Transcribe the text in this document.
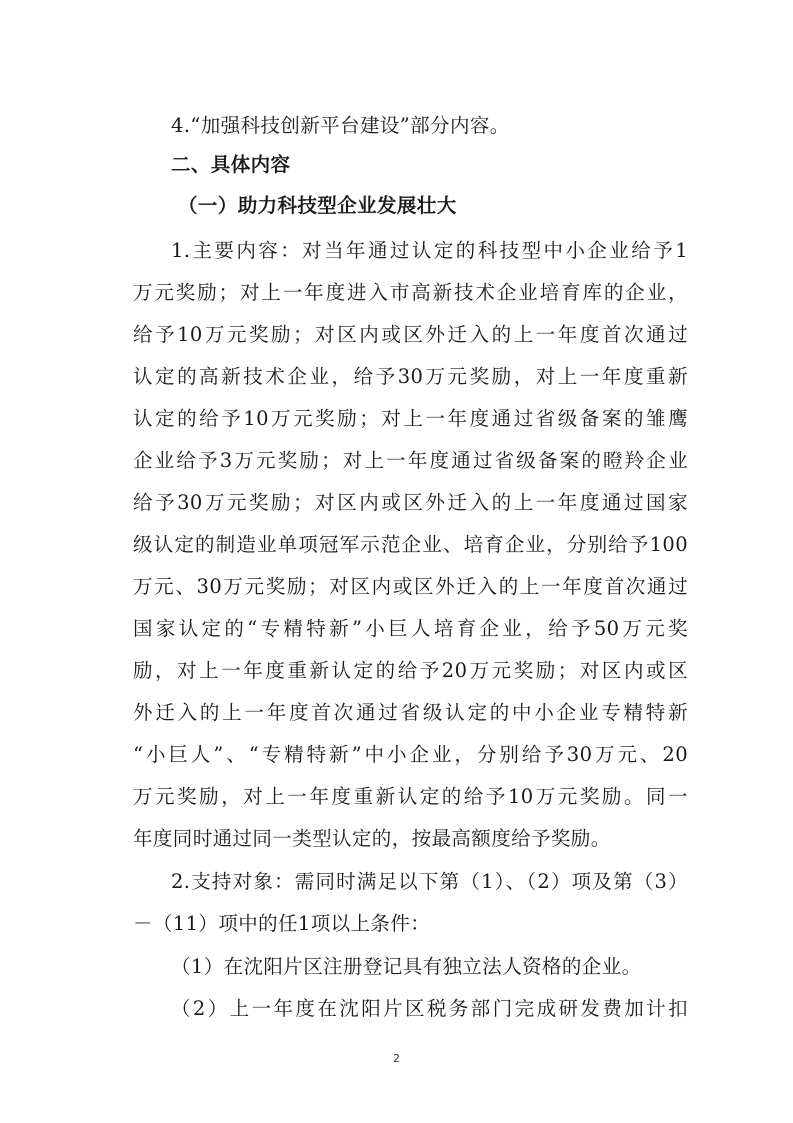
4.“加强科技创新平台建设”部分内容。
二、具体内容
（一）助力科技型企业发展壮大
1.主要内容：对当年通过认定的科技型中小企业给予1
万元奖励；对上一年度进入市高新技术企业培育库的企业，
给予10万元奖励；对区内或区外迁入的上一年度首次通过
认定的高新技术企业，给予30万元奖励，对上一年度重新
认定的给予10万元奖励；对上一年度通过省级备案的雏鹰
企业给予3万元奖励；对上一年度通过省级备案的瞪羚企业
给予30万元奖励；对区内或区外迁入的上一年度通过国家
级认定的制造业单项冠军示范企业、培育企业，分别给予100
万元、30万元奖励；对区内或区外迁入的上一年度首次通过
国家认定的“专精特新”小巨人培育企业，给予50万元奖
励，对上一年度重新认定的给予20万元奖励；对区内或区
外迁入的上一年度首次通过省级认定的中小企业专精特新
“小巨人”、“专精特新”中小企业，分别给予30万元、20
万元奖励，对上一年度重新认定的给予10万元奖励。同一
年度同时通过同一类型认定的，按最高额度给予奖励。
2.支持对象：需同时满足以下第（1）、（2）项及第（3）
－（11）项中的任1项以上条件：
（1）在沈阳片区注册登记具有独立法人资格的企业。
（2）上一年度在沈阳片区税务部门完成研发费加计扣
2
